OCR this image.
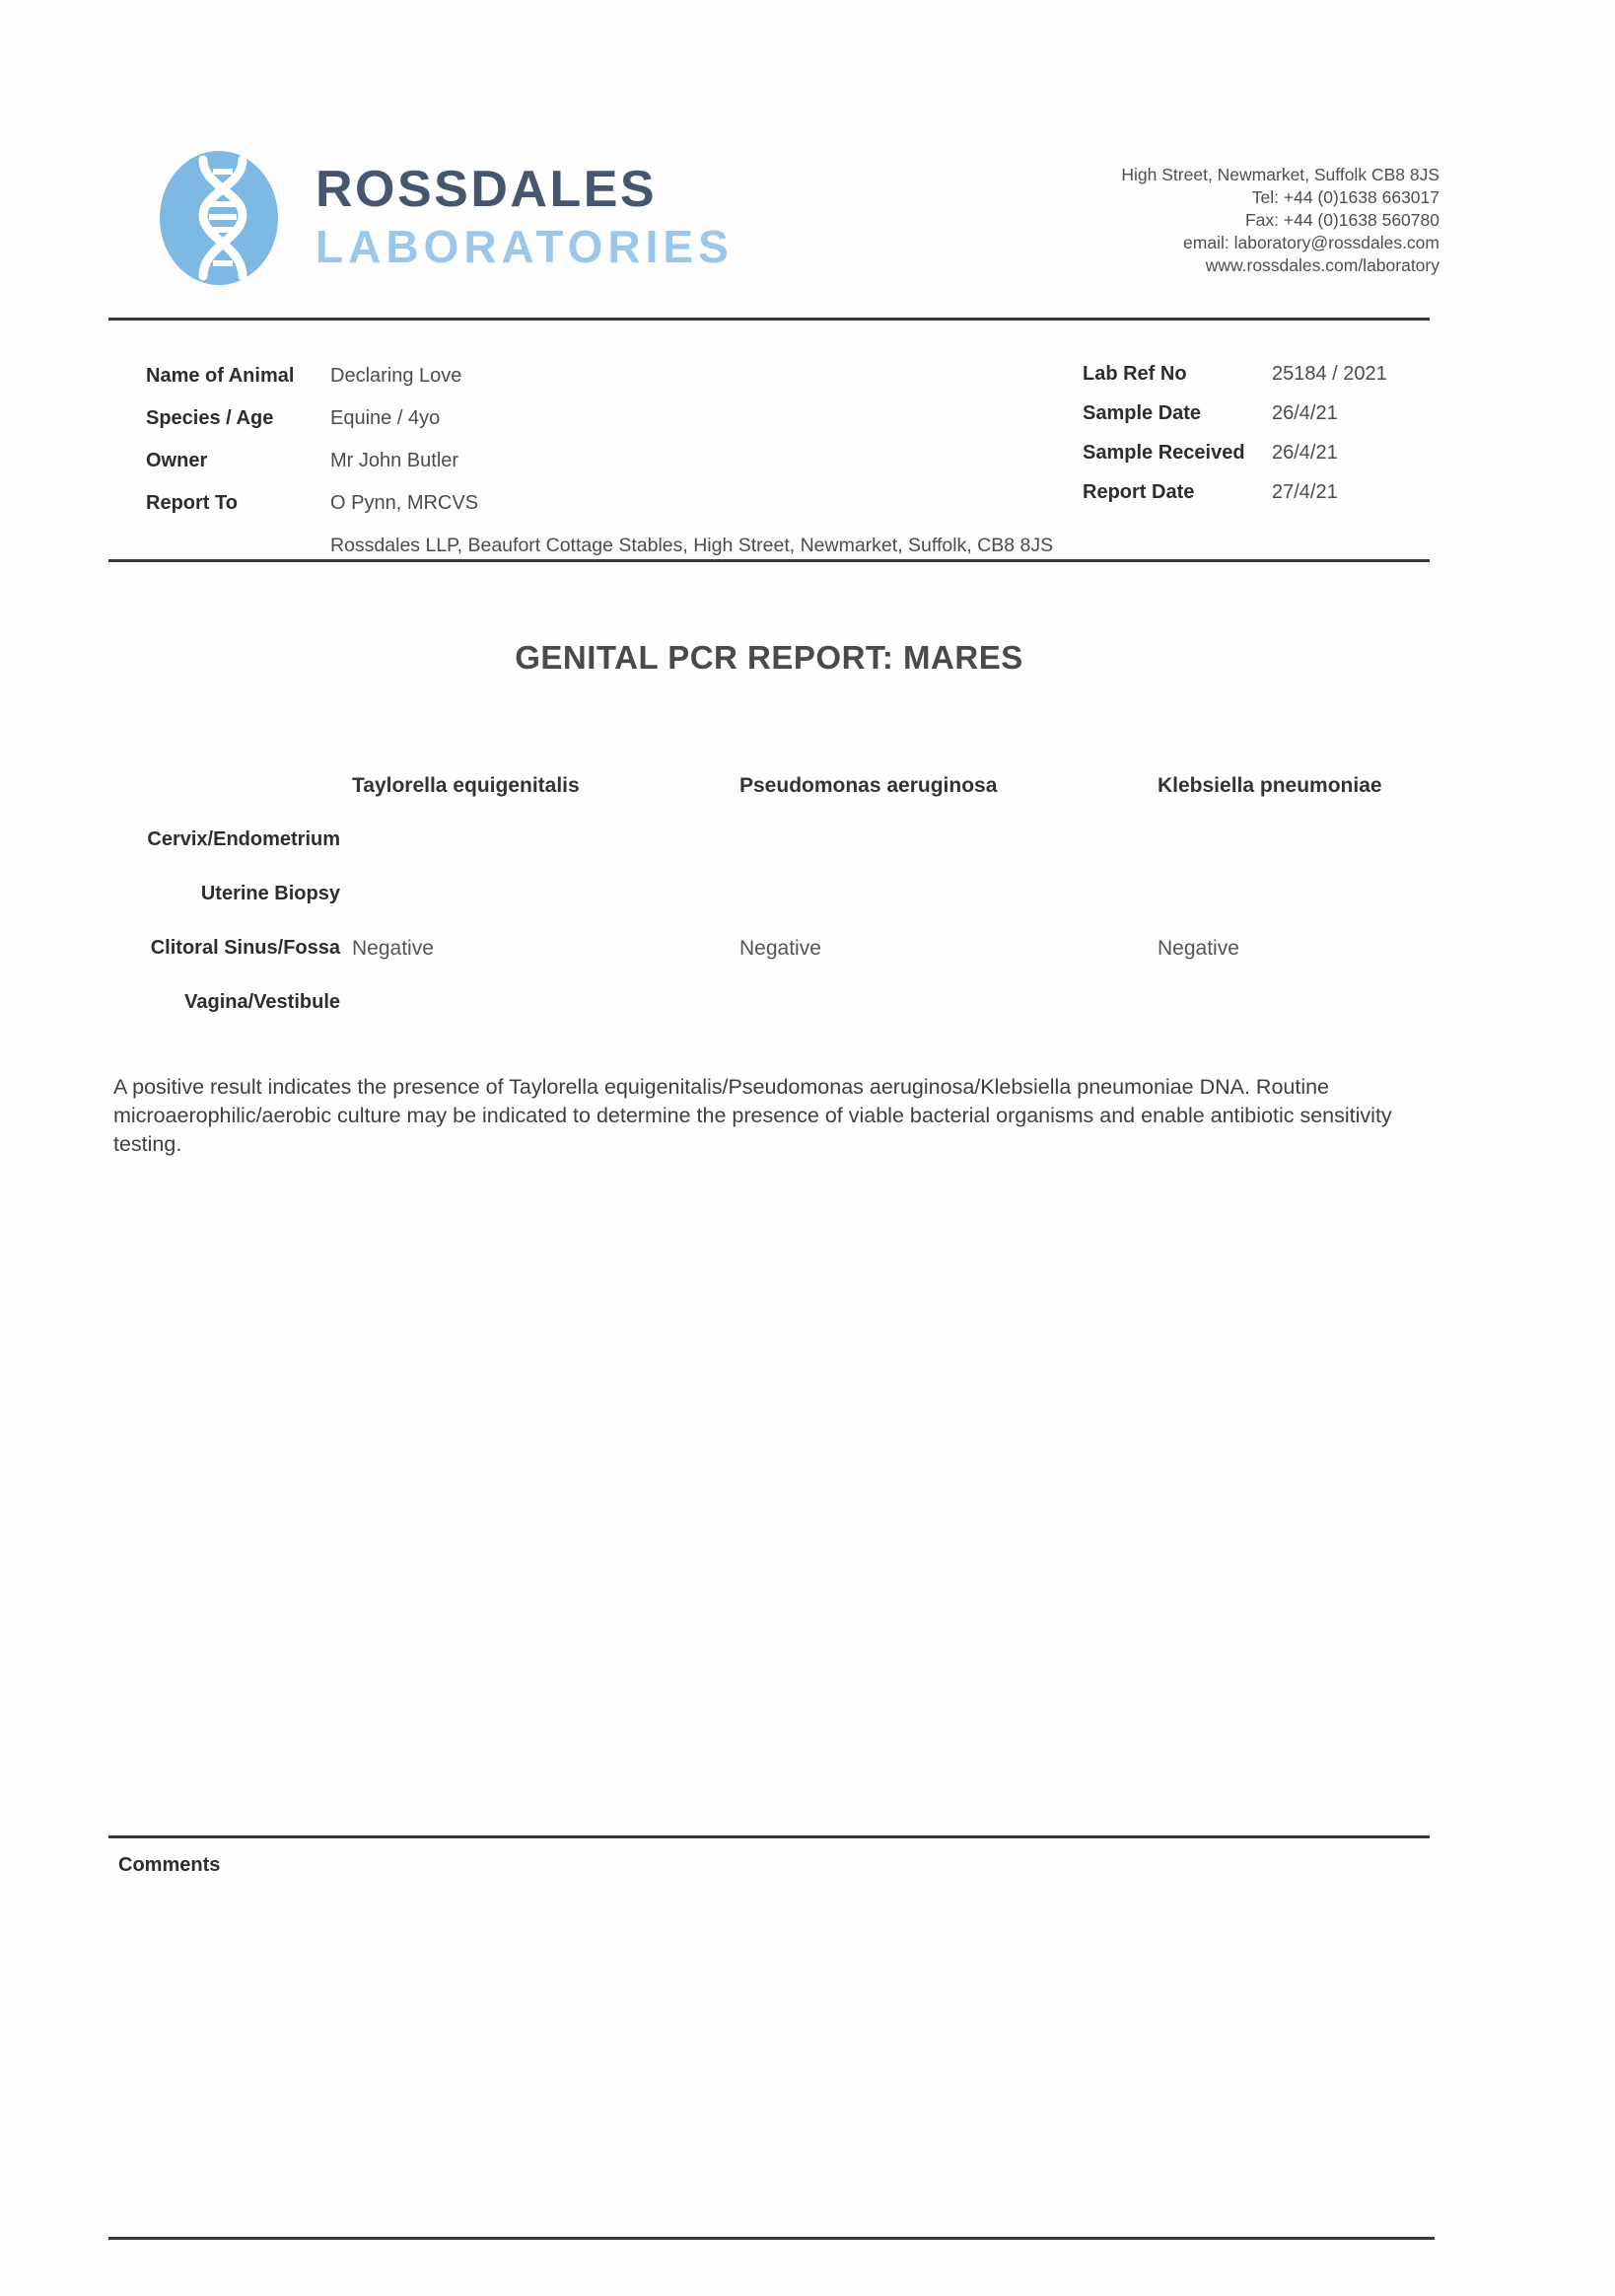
ROSSDALES
LABORATORIES
High Street, Newmarket, Suffolk CB8 8JS
Tel: +44 (0)1638 663017
Fax: +44 (0)1638 560780
email: laboratory@rossdales.com
www.rossdales.com/laboratory
Name of Animal	Declaring Love
Species / Age	Equine / 4yo
Owner	Mr John Butler
Report To	O Pynn, MRCVS
Rossdales LLP, Beaufort Cottage Stables, High Street, Newmarket, Suffolk, CB8 8JS
Lab Ref No	25184 / 2021
Sample Date	26/4/21
Sample Received	26/4/21
Report Date	27/4/21
GENITAL PCR REPORT: MARES
Taylorella equigenitalis	Pseudomonas aeruginosa	Klebsiella pneumoniae
Cervix/Endometrium
Uterine Biopsy
Clitoral Sinus/Fossa Negative	Negative	Negative
Vagina/Vestibule
A positive result indicates the presence of Taylorella equigenitalis/Pseudomonas aeruginosa/Klebsiella pneumoniae DNA. Routine microaerophilic/aerobic culture may be indicated to determine the presence of viable bacterial organisms and enable antibiotic sensitivity testing.
Comments
